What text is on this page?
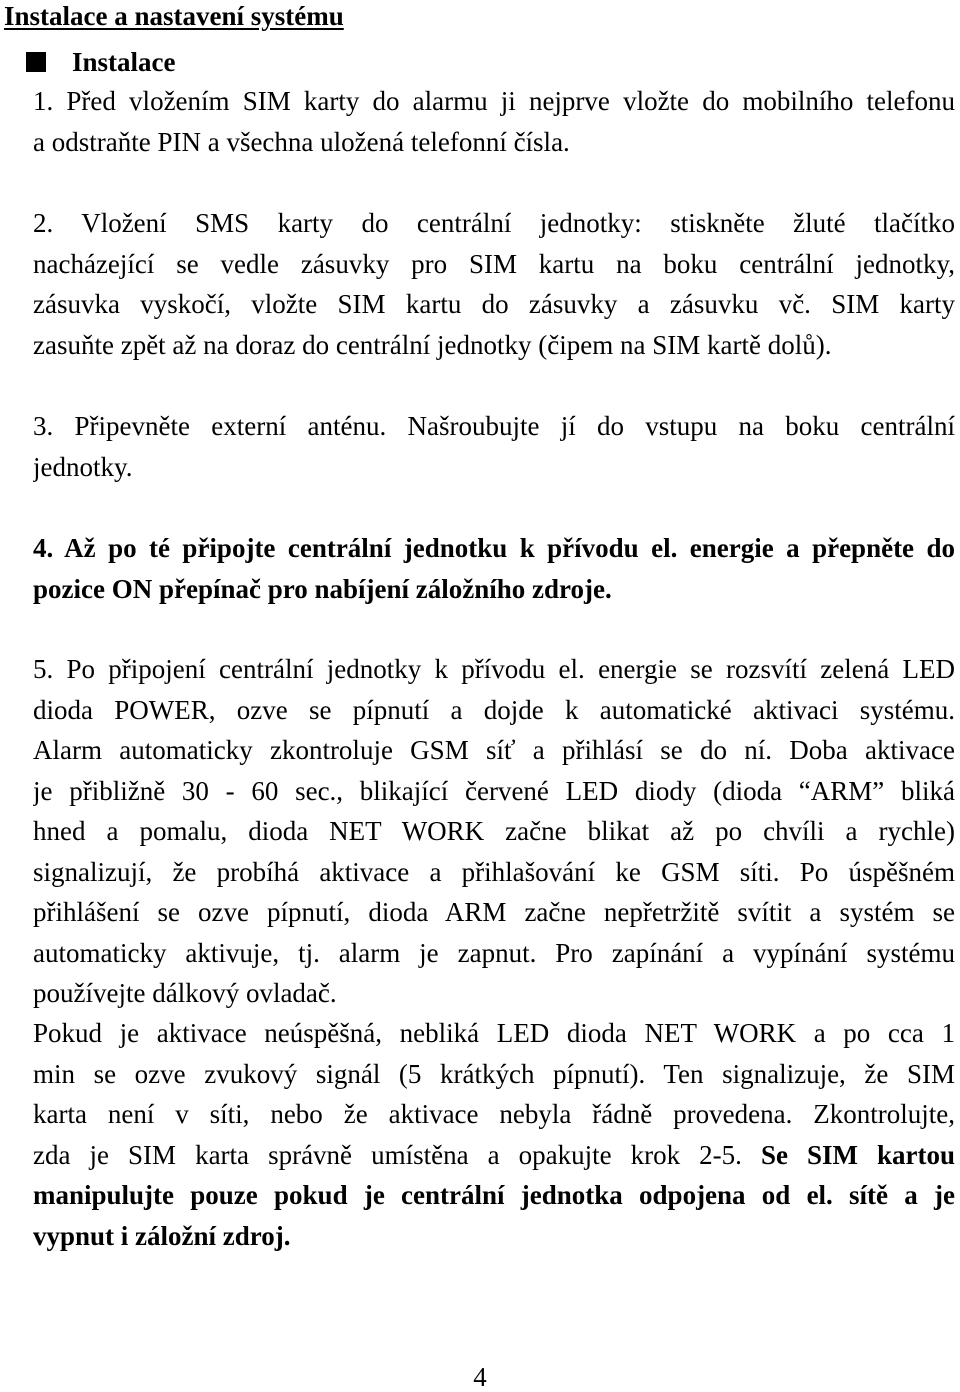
Instalace a nastavení systému
Instalace
1. Před vložením SIM karty do alarmu ji nejprve vložte do mobilního telefonu
a odstraňte PIN a všechna uložená telefonní čísla.
2. Vložení SMS karty do centrální jednotky: stiskněte žluté tlačítko
nacházející se vedle zásuvky pro SIM kartu na boku centrální jednotky,
zásuvka vyskočí, vložte SIM kartu do zásuvky a zásuvku vč. SIM karty
zasuňte zpět až na doraz do centrální jednotky (čipem na SIM kartě dolů).
3. Připevněte externí anténu. Našroubujte jí do vstupu na boku centrální
jednotky.
4. Až po té připojte centrální jednotku k přívodu el. energie a přepněte do
pozice ON přepínač pro nabíjení záložního zdroje.
5. Po připojení centrální jednotky k přívodu el. energie se rozsvítí zelená LED
dioda POWER, ozve se pípnutí a dojde k automatické aktivaci systému.
Alarm automaticky zkontroluje GSM síť a přihlásí se do ní. Doba aktivace
je přibližně 30 - 60 sec., blikající červené LED diody (dioda “ARM” bliká
hned a pomalu, dioda NET WORK začne blikat až po chvíli a rychle)
signalizují, že probíhá aktivace a přihlašování ke GSM síti. Po úspěšném
přihlášení se ozve pípnutí, dioda ARM začne nepřetržitě svítit a systém se
automaticky aktivuje, tj. alarm je zapnut. Pro zapínání a vypínání systému
používejte dálkový ovladač.
Pokud je aktivace neúspěšná, nebliká LED dioda NET WORK a po cca 1
min se ozve zvukový signál (5 krátkých pípnutí). Ten signalizuje, že SIM
karta není v síti, nebo že aktivace nebyla řádně provedena. Zkontrolujte,
zda je SIM karta správně umístěna a opakujte krok 2-5. Se SIM kartou
manipulujte pouze pokud je centrální jednotka odpojena od el. sítě a je
vypnut i záložní zdroj.
4
